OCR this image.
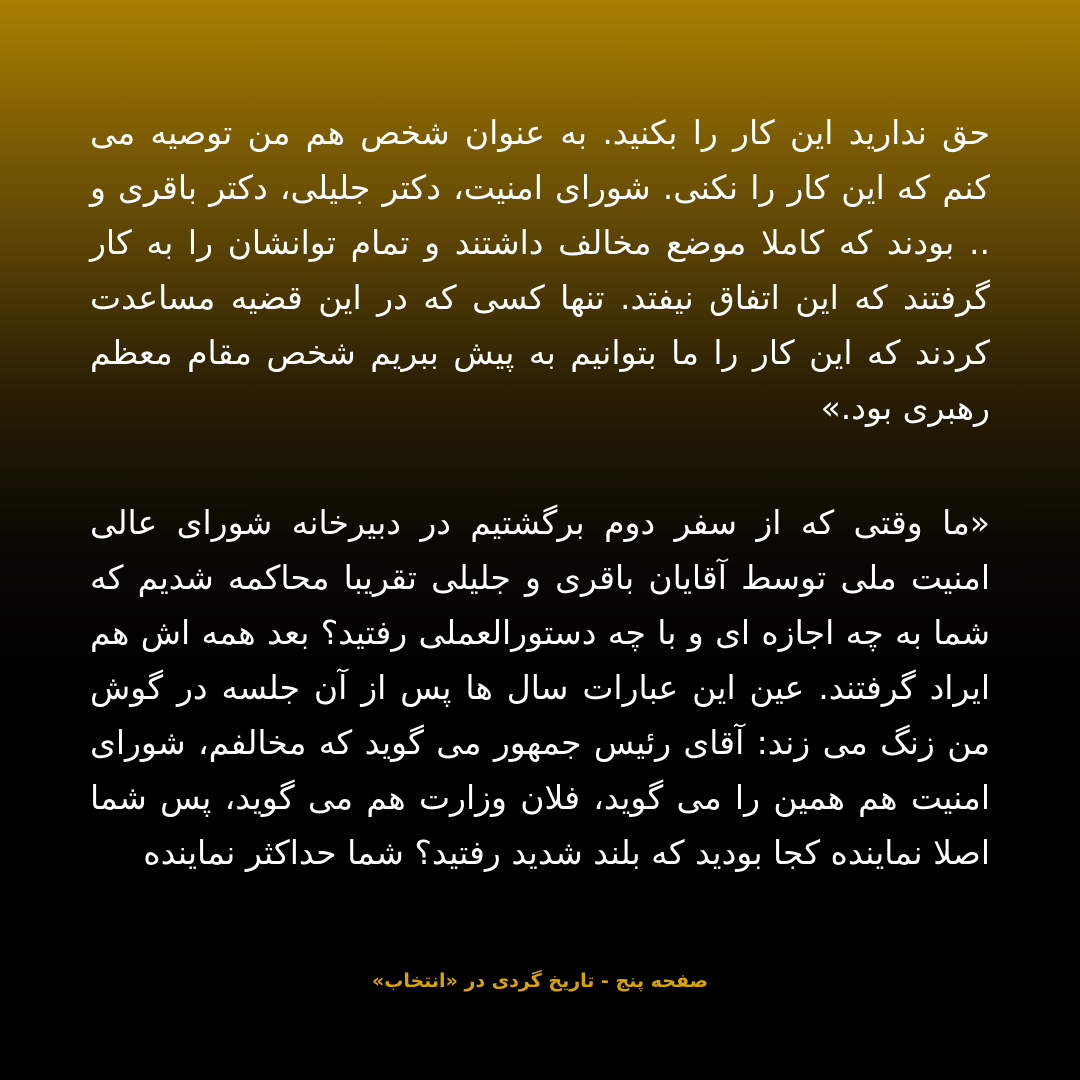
حق ندارید این کار را بکنید. به عنوان شخص هم من توصیه می کنم که این کار را نکنی. شورای امنیت، دکتر جلیلی، دکتر باقری و .. بودند که کاملا موضع مخالف داشتند و تمام توانشان را به کار گرفتند که این اتفاق نیفتد. تنها کسی که در این قضیه مساعدت کردند که این کار را ما بتوانیم به پیش ببریم شخص مقام معظم رهبری بود.»

«ما وقتی که از سفر دوم برگشتیم در دبیرخانه شورای عالی امنیت ملی توسط آقایان باقری و جلیلی تقریبا محاکمه شدیم که شما به چه اجازه ای و با چه دستورالعملی رفتید؟ بعد همه اش هم ایراد گرفتند. عین این عبارات سال ها پس از آن جلسه در گوش من زنگ می زند: آقای رئیس جمهور می گوید که مخالفم، شورای امنیت هم همین را می گوید، فلان وزارت هم می گوید، پس شما اصلا نماینده کجا بودید که بلند شدید رفتید؟ شما حداکثر نماینده

صفحه پنج - تاریخ گردی در «انتخاب»
